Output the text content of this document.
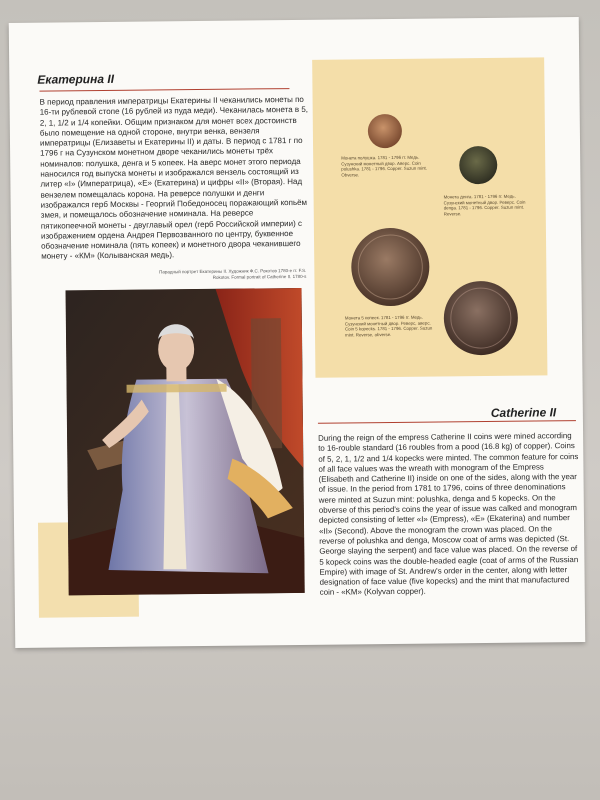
Екатерина II

В период правления императрицы Екатерины II чеканились монеты по 16-ти рублевой стопе (16 рублей из пуда меди). Чеканилась монета в 5, 2, 1, 1/2 и 1/4 копейки. Общим признаком для монет всех достоинств было помещение на одной стороне, внутри венка, вензеля императрицы (Елизаветы и Екатерины II) и даты. В период с 1781 г по 1796 г на Сузунском монетном дворе чеканились монеты трёх номиналов: полушка, денга и 5 копеек. На аверс монет этого периода наносился год выпуска монеты и изображался вензель состоящий из литер «I» (Императрица), «Е» (Екатерина) и цифры «II» (Вторая). Над вензелем помещалась корона. На реверсе полушки и денги изображался герб Москвы - Георгий Победоносец поражающий копьём змея, и помещалось обозначение номинала. На реверсе пятикопеечной монеты - двуглавый орел (герб Российской империи) с изображением ордена Андрея Первозванного по центру, буквенное обозначение номинала (пять копеек) и монетного двора чеканившего монету - «КМ» (Колыванская медь).

Парадный портрет Екатерины II. Художник Ф.С. Рокотов 1780-е гг. F.S. Rokotov. Formal portrait of Catherine II. 1780-s

Монета полушка. 1781 - 1796 гг. Медь. Сузунский монетный двор. Аверс. Coin polushka. 1781 - 1796. Copper. Suzun mint. Obverse.

Монета денга. 1781 - 1796 гг. Медь. Сузунский монетный двор. Реверс. Coin denga. 1781 - 1796. Copper. Suzun mint. Reverse.

Монета 5 копеек. 1781 - 1796 гг. Медь. Сузунский монетный двор. Реверс, аверс. Coin 5 kopecks. 1781 - 1796. Copper. Suzun mint. Reverse, obverse.

Catherine II

During the reign of the empress Catherine II coins were mined according to 16-rouble standard (16 roubles from a pood (16.8 kg) of copper). Coins of 5, 2, 1, 1/2 and 1/4 kopecks were minted. The common feature for coins of all face values was the wreath with monogram of the Empress (Elisabeth and Catherine II) inside on one of the sides, along with the year of issue. In the period from 1781 to 1796, coins of three denominations were minted at Suzun mint: polushka, denga and 5 kopecks. On the obverse of this period's coins the year of issue was calked and monogram depicted consisting of letter «I» (Empress), «E» (Ekaterina) and number «II» (Second). Above the monogram the crown was placed. On the reverse of polushka and denga, Moscow coat of arms was depicted (St. George slaying the serpent) and face value was placed. On the reverse of 5 kopeck coins was the double-headed eagle (coat of arms of the Russian Empire) with image of St. Andrew's order in the center, along with letter designation of face value (five kopecks) and the mint that manufactured coin - «KM» (Kolyvan copper).
